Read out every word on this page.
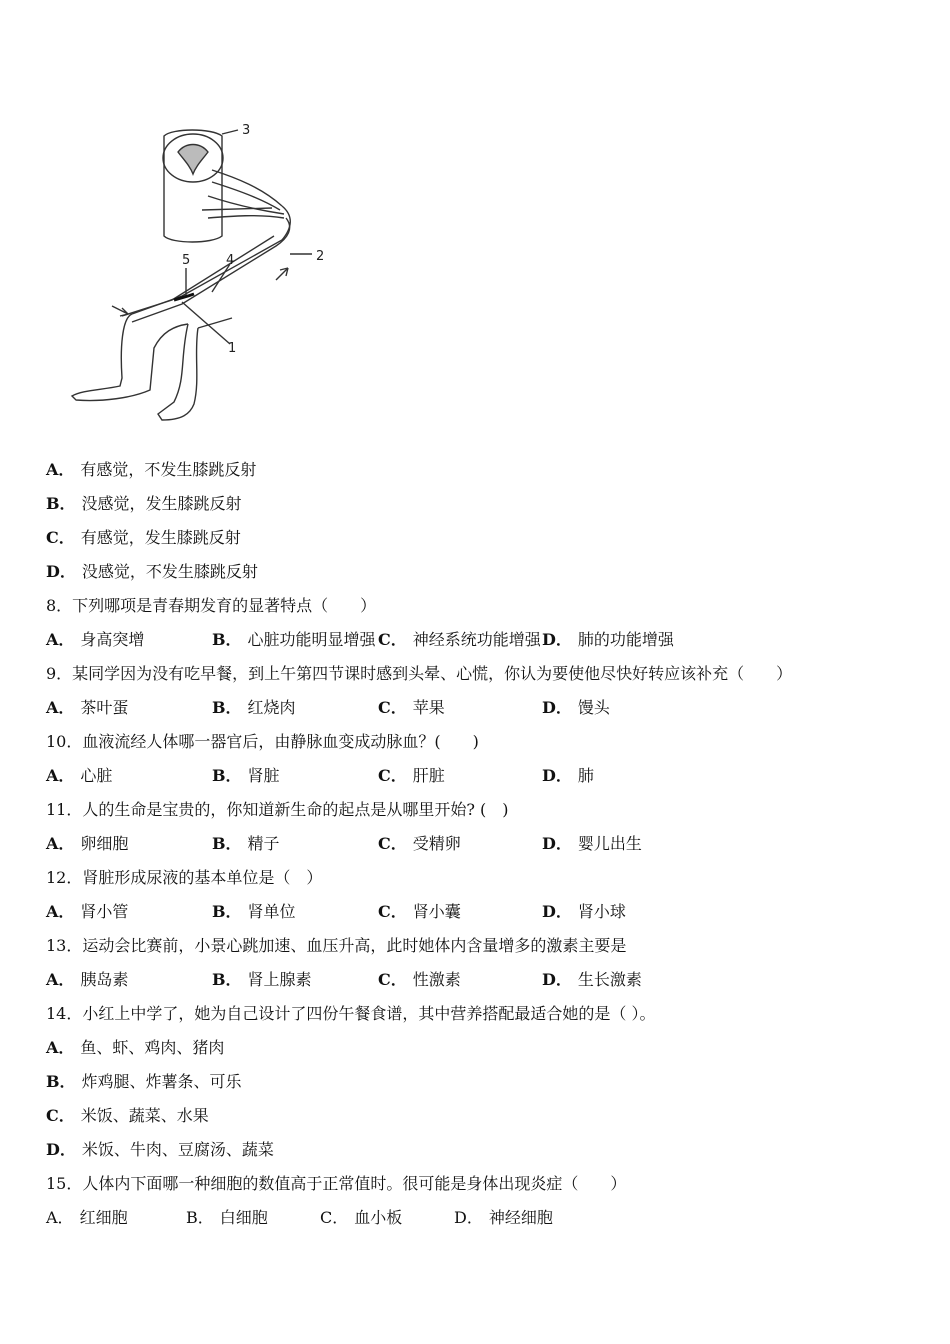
3
2
5	4
1
A． 有感觉，不发生膝跳反射
B． 没感觉，发生膝跳反射
C． 有感觉，发生膝跳反射
D． 没感觉，不发生膝跳反射
8．下列哪项是青春期发育的显著特点（　　）
A． 身高突增	B． 心脏功能明显增强 C． 神经系统功能增强 D． 肺的功能增强
9．某同学因为没有吃早餐，到上午第四节课时感到头晕、心慌，你认为要使他尽快好转应该补充（　　）
A． 茶叶蛋	B． 红烧肉	C． 苹果	D． 馒头
10．血液流经人体哪一器官后，由静脉血变成动脉血？(　　)
A． 心脏	B． 肾脏	C． 肝脏	D． 肺
11．人的生命是宝贵的，你知道新生命的起点是从哪里开始? (　)
A． 卵细胞	B． 精子	C． 受精卵	D． 婴儿出生
12．肾脏形成尿液的基本单位是（　）
A． 肾小管	B． 肾单位	C． 肾小囊	D． 肾小球
13．运动会比赛前，小景心跳加速、血压升高，此时她体内含量增多的激素主要是
A． 胰岛素	B． 肾上腺素	C． 性激素	D． 生长激素
14．小红上中学了，她为自己设计了四份午餐食谱，其中营养搭配最适合她的是（ ）。
A． 鱼、虾、鸡肉、猪肉
B． 炸鸡腿、炸薯条、可乐
C． 米饭、蔬菜、水果
D． 米饭、牛肉、豆腐汤、蔬菜
15．人体内下面哪一种细胞的数值高于正常值时。很可能是身体出现炎症（　　）
A． 红细胞	B． 白细胞	C． 血小板	D． 神经细胞
